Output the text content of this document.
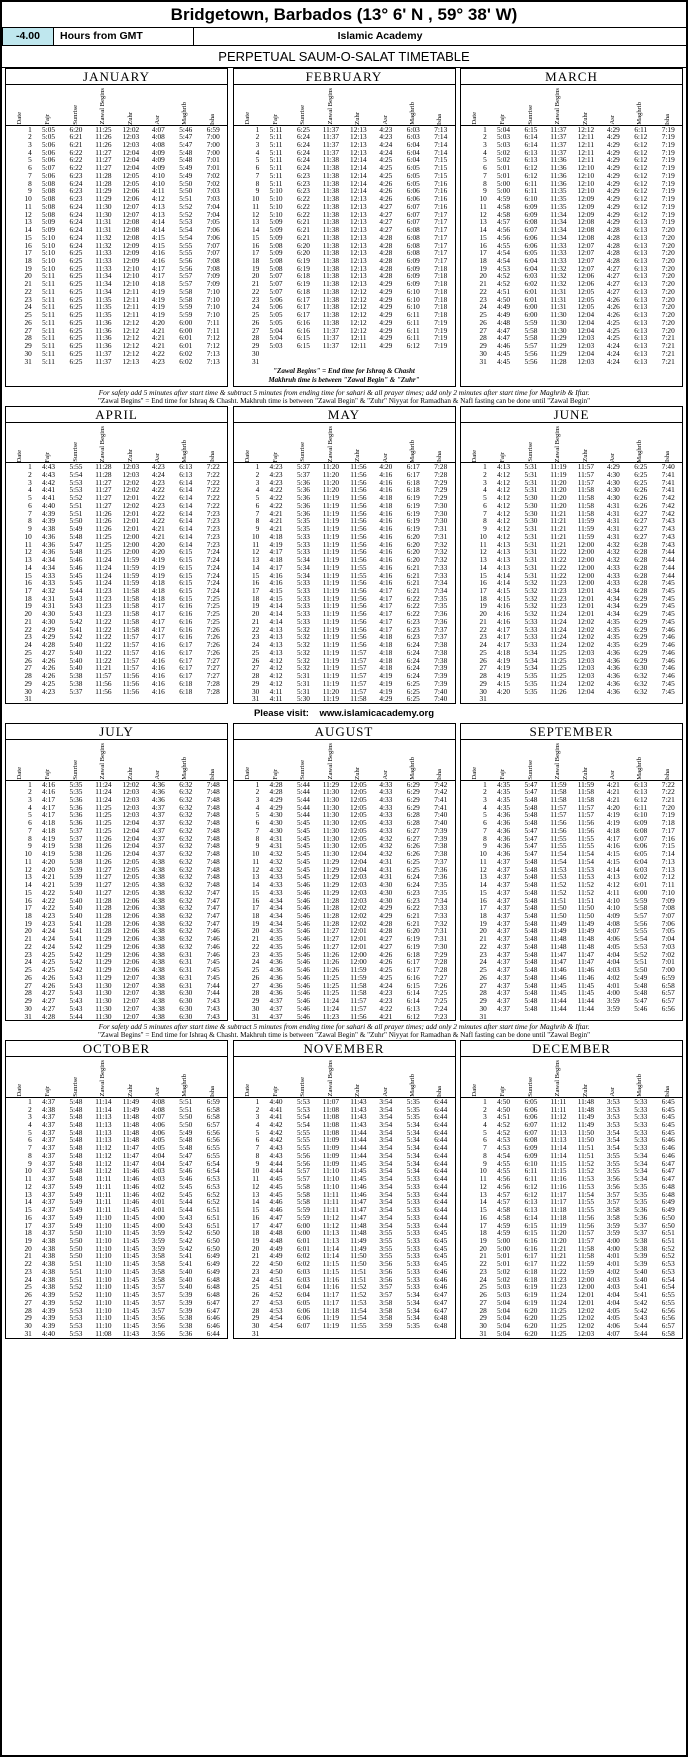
Bridgetown, Barbados (13° 6' N , 59° 38' W)
-4.00	Hours from GMT	Islamic Academy
PERPETUAL SAUM-O-SALAT TIMETABLE
JANUARY
Date	Fajr	Sunrise	Zawal Begins	Zuhr	Asr	Maghrib	Isha

1	5:05	6:20	11:25	12:02	4:07	5:46	6:59
2	5:05	6:21	11:26	12:03	4:08	5:47	7:00
3	5:06	6:21	11:26	12:03	4:08	5:47	7:00
4	5:06	6:22	11:27	12:04	4:09	5:48	7:00
5	5:06	6:22	11:27	12:04	4:09	5:48	7:01
6	5:07	6:22	11:27	12:04	4:09	5:49	7:01
7	5:06	6:23	11:28	12:05	4:10	5:49	7:02
8	5:08	6:24	11:28	12:05	4:10	5:50	7:02
9	5:08	6:23	11:29	12:06	4:11	5:50	7:03
10	5:08	6:23	11:29	12:06	4:12	5:51	7:03
11	5:08	6:24	11:30	12:07	4:13	5:52	7:04
12	5:08	6:24	11:30	12:07	4:13	5:52	7:04
13	5:09	6:24	11:31	12:08	4:14	5:53	7:05
14	5:09	6:24	11:31	12:08	4:14	5:54	7:06
15	5:10	6:24	11:32	12:08	4:15	5:54	7:06
16	5:10	6:24	11:32	12:09	4:15	5:55	7:07
17	5:10	6:25	11:33	12:09	4:16	5:55	7:07
18	5:10	6:25	11:33	12:09	4:16	5:56	7:08
19	5:10	6:25	11:33	12:10	4:17	5:56	7:08
20	5:11	6:25	11:34	12:10	4:17	5:57	7:09
21	5:11	6:25	11:34	12:10	4:18	5:57	7:09
22	5:11	6:25	11:34	12:11	4:19	5:58	7:10
23	5:11	6:25	11:35	12:11	4:19	5:58	7:10
24	5:11	6:25	11:35	12:11	4:19	5:59	7:10
25	5:11	6:25	11:35	12:11	4:19	5:59	7:10
26	5:11	6:25	11:36	12:12	4:20	6:00	7:11
27	5:11	6:25	11:36	12:12	4:21	6:00	7:11
28	5:11	6:25	11:36	12:12	4:21	6:01	7:12
29	5:11	6:25	11:36	12:12	4:21	6:01	7:12
30	5:11	6:25	11:37	12:12	4:22	6:02	7:13
31	5:11	6:25	11:37	12:13	4:23	6:02	7:13
FEBRUARY
Date	Fajr	Sunrise	Zawal Begins	Zuhr	Asr	Maghrib	Isha

1	5:11	6:25	11:37	12:13	4:23	6:03	7:13
2	5:11	6:24	11:37	12:13	4:23	6:03	7:14
3	5:11	6:24	11:37	12:13	4:24	6:04	7:14
4	5:11	6:24	11:37	12:13	4:24	6:04	7:14
5	5:11	6:24	11:38	12:14	4:25	6:04	7:15
6	5:11	6:24	11:38	12:14	4:25	6:05	7:15
7	5:11	6:23	11:38	12:14	4:25	6:05	7:15
8	5:11	6:23	11:38	12:14	4:26	6:05	7:16
9	5:10	6:23	11:38	12:14	4:26	6:06	7:16
10	5:10	6:22	11:38	12:13	4:26	6:06	7:16
11	5:10	6:22	11:38	12:13	4:27	6:07	7:16
12	5:10	6:22	11:38	12:13	4:27	6:07	7:17
13	5:09	6:21	11:38	12:13	4:27	6:07	7:17
14	5:09	6:21	11:38	12:13	4:27	6:08	7:17
15	5:09	6:21	11:38	12:13	4:28	6:08	7:17
16	5:08	6:20	11:38	12:13	4:28	6:08	7:17
17	5:09	6:20	11:38	12:13	4:28	6:08	7:17
18	5:08	6:19	11:38	12:13	4:28	6:09	7:17
19	5:08	6:19	11:38	12:13	4:28	6:09	7:18
20	5:07	6:18	11:38	12:13	4:28	6:09	7:18
21	5:07	6:19	11:38	12:13	4:29	6:09	7:18
22	5:07	6:18	11:38	12:12	4:29	6:10	7:18
23	5:06	6:17	11:38	12:12	4:29	6:10	7:18
24	5:06	6:17	11:38	12:12	4:29	6:10	7:18
25	5:05	6:17	11:38	12:12	4:29	6:11	7:18
26	5:05	6:16	11:38	12:12	4:29	6:11	7:19
27	5:04	6:16	11:37	12:12	4:29	6:11	7:19
28	5:04	6:15	11:37	12:11	4:29	6:11	7:19
29	5:03	6:15	11:37	12:11	4:29	6:12	7:19
30							
31							
"Zawal Begins" = End time for Ishraq & Chasht
Makhruh time is between "Zawal Begin" & "Zuhr"
MARCH
Date	Fajr	Sunrise	Zawal Begins	Zuhr	Asr	Maghrib	Isha

1	5:04	6:15	11:37	12:12	4:29	6:11	7:19
2	5:03	6:14	11:37	12:11	4:29	6:12	7:19
3	5:03	6:14	11:37	12:11	4:29	6:12	7:19
4	5:02	6:13	11:37	12:11	4:29	6:12	7:19
5	5:02	6:13	11:36	12:11	4:29	6:12	7:19
6	5:01	6:12	11:36	12:10	4:29	6:12	7:19
7	5:01	6:12	11:36	12:10	4:29	6:12	7:19
8	5:00	6:11	11:36	12:10	4:29	6:12	7:19
9	5:00	6:11	11:35	12:10	4:29	6:12	7:19
10	4:59	6:10	11:35	12:09	4:29	6:12	7:19
11	4:58	6:09	11:35	12:09	4:29	6:12	7:19
12	4:58	6:09	11:34	12:09	4:29	6:12	7:19
13	4:57	6:08	11:34	12:08	4:29	6:13	7:19
14	4:56	6:07	11:34	12:08	4:28	6:13	7:20
15	4:56	6:06	11:34	12:08	4:28	6:13	7:20
16	4:55	6:06	11:33	12:07	4:28	6:13	7:20
17	4:54	6:05	11:33	12:07	4:28	6:13	7:20
18	4:54	6:04	11:33	12:07	4:28	6:13	7:20
19	4:53	6:04	11:32	12:07	4:27	6:13	7:20
20	4:52	6:03	11:32	12:06	4:27	6:13	7:20
21	4:52	6:02	11:32	12:06	4:27	6:13	7:20
22	4:51	6:01	11:31	12:05	4:27	6:13	7:20
23	4:50	6:01	11:31	12:05	4:26	6:13	7:20
24	4:49	6:00	11:31	12:05	4:26	6:13	7:20
25	4:49	6:00	11:30	12:04	4:26	6:13	7:20
26	4:48	5:59	11:30	12:04	4:25	6:13	7:20
27	4:47	5:58	11:30	12:04	4:25	6:13	7:20
28	4:47	5:58	11:29	12:03	4:25	6:13	7:21
29	4:46	5:57	11:29	12:03	4:24	6:13	7:21
30	4:45	5:56	11:29	12:04	4:24	6:13	7:21
31	4:45	5:56	11:28	12:03	4:24	6:13	7:21
For safety add 5 minutes after start time & subtract 5 minutes from ending time for sahari & all prayer times; add only 2 minutes after start time for Maghrib & Iftar.
"Zawal Begins" = End time for Ishraq & Chasht. Makhruh time is between "Zawal Begin" & "Zuhr" Niyyat for Ramadhan & Nafl fasting can be done until "Zawal Begin"
APRIL
Date	Fajr	Sunrise	Zawal Begins	Zuhr	Asr	Maghrib	Isha

1	4:43	5:55	11:28	12:03	4:23	6:13	7:22
2	4:43	5:54	11:28	12:03	4:24	6:13	7:22
3	4:42	5:53	11:27	12:02	4:23	6:14	7:22
4	4:41	5:53	11:27	12:02	4:22	6:14	7:22
5	4:41	5:52	11:27	12:01	4:22	6:14	7:22
6	4:40	5:51	11:27	12:02	4:23	6:14	7:22
7	4:39	5:51	11:26	12:01	4:22	6:14	7:23
8	4:39	5:50	11:26	12:01	4:22	6:14	7:23
9	4:38	5:49	11:26	12:01	4:21	6:14	7:23
10	4:36	5:48	11:25	12:00	4:21	6:14	7:23
11	4:36	5:47	11:25	12:00	4:20	6:14	7:23
12	4:36	5:48	11:25	12:00	4:20	6:15	7:24
13	4:34	5:46	11:24	11:59	4:19	6:15	7:24
14	4:34	5:46	11:24	11:59	4:19	6:15	7:24
15	4:33	5:45	11:24	11:59	4:19	6:15	7:24
16	4:33	5:45	11:24	11:59	4:18	6:15	7:24
17	4:32	5:44	11:23	11:58	4:18	6:15	7:24
18	4:31	5:43	11:23	11:58	4:18	6:15	7:25
19	4:31	5:43	11:23	11:58	4:17	6:16	7:25
20	4:30	5:43	11:23	11:58	4:17	6:16	7:25
21	4:30	5:42	11:22	11:58	4:17	6:16	7:25
22	4:29	5:41	11:22	11:58	4:17	6:16	7:26
23	4:29	5:42	11:22	11:57	4:17	6:16	7:26
24	4:28	5:40	11:22	11:57	4:16	6:17	7:26
25	4:27	5:40	11:22	11:57	4:16	6:17	7:26
26	4:26	5:40	11:22	11:57	4:16	6:17	7:27
27	4:26	5:40	11:21	11:57	4:16	6:17	7:27
28	4:26	5:38	11:57	11:56	4:16	6:17	7:27
29	4:25	5:38	11:56	11:56	4:16	6:18	7:28
30	4:23	5:37	11:56	11:56	4:16	6:18	7:28
31							
MAY
Date	Fajr	Sunrise	Zawal Begins	Zuhr	Asr	Maghrib	Isha

1	4:23	5:37	11:20	11:56	4:20	6:17	7:28
2	4:23	5:37	11:20	11:56	4:16	6:17	7:28
3	4:23	5:36	11:20	11:56	4:16	6:18	7:29
4	4:22	5:36	11:20	11:56	4:16	6:18	7:29
5	4:22	5:36	11:19	11:56	4:18	6:19	7:29
6	4:22	5:36	11:19	11:56	4:18	6:19	7:30
7	4:21	5:36	11:19	11:56	4:16	6:19	7:30
8	4:21	5:35	11:19	11:56	4:16	6:19	7:30
9	4:21	5:35	11:19	11:56	4:16	6:19	7:31
10	4:18	5:33	11:19	11:56	4:16	6:20	7:31
11	4:19	5:33	11:19	11:56	4:16	6:20	7:32
12	4:17	5:33	11:19	11:56	4:16	6:20	7:32
13	4:18	5:34	11:19	11:56	4:16	6:20	7:32
14	4:17	5:34	11:19	11:55	4:16	6:21	7:33
15	4:16	5:34	11:19	11:55	4:16	6:21	7:33
16	4:16	5:33	11:19	11:56	4:16	6:21	7:34
17	4:15	5:33	11:19	11:56	4:17	6:21	7:34
18	4:15	5:33	11:19	11:56	4:17	6:22	7:35
19	4:14	5:33	11:19	11:56	4:17	6:22	7:35
20	4:14	5:33	11:19	11:56	4:17	6:22	7:36
21	4:14	5:33	11:19	11:56	4:17	6:23	7:36
22	4:13	5:32	11:19	11:56	4:17	6:23	7:37
23	4:13	5:32	11:19	11:56	4:18	6:23	7:37
24	4:13	5:32	11:19	11:56	4:18	6:24	7:38
25	4:13	5:32	11:19	11:57	4:18	6:24	7:38
26	4:12	5:32	11:19	11:57	4:18	6:24	7:38
27	4:12	5:32	11:19	11:57	4:18	6:24	7:39
28	4:12	5:31	11:19	11:57	4:19	6:24	7:39
29	4:12	5:31	11:19	11:57	4:19	6:25	7:39
30	4:11	5:31	11:20	11:57	4:19	6:25	7:40
31	4:11	5:30	11:19	11:58	4:29	6:25	7:40
JUNE
Date	Fajr	Sunrise	Zawal Begins	Zuhr	Asr	Maghrib	Isha

1	4:13	5:31	11:19	11:57	4:29	6:25	7:40
2	4:12	5:31	11:19	11:57	4:30	6:25	7:41
3	4:12	5:31	11:20	11:57	4:30	6:25	7:41
4	4:12	5:31	11:20	11:58	4:30	6:26	7:41
5	4:12	5:30	11:20	11:58	4:30	6:26	7:42
6	4:12	5:30	11:20	11:58	4:31	6:26	7:42
7	4:12	5:30	11:21	11:58	4:31	6:27	7:42
8	4:12	5:30	11:21	11:59	4:31	6:27	7:43
9	4:12	5:31	11:21	11:59	4:31	6:27	7:43
10	4:12	5:31	11:21	11:59	4:31	6:27	7:43
11	4:13	5:31	11:21	12:00	4:32	6:28	7:43
12	4:13	5:31	11:22	12:00	4:32	6:28	7:44
13	4:13	5:31	11:22	12:00	4:32	6:28	7:44
14	4:13	5:31	11:22	12:00	4:33	6:28	7:44
15	4:14	5:31	11:22	12:00	4:33	6:28	7:44
16	4:14	5:32	11:23	12:00	4:33	6:28	7:45
17	4:15	5:32	11:23	12:01	4:34	6:28	7:45
18	4:15	5:32	11:23	12:01	4:34	6:29	7:45
19	4:16	5:32	11:23	12:01	4:34	6:29	7:45
20	4:16	5:32	11:24	12:01	4:34	6:29	7:45
21	4:16	5:33	11:24	12:02	4:35	6:29	7:45
22	4:17	5:33	11:24	12:02	4:35	6:29	7:46
23	4:17	5:33	11:24	12:02	4:35	6:29	7:46
24	4:17	5:33	11:24	12:02	4:35	6:29	7:46
25	4:18	5:34	11:25	12:03	4:36	6:29	7:46
26	4:19	5:34	11:25	12:03	4:36	6:29	7:46
27	4:19	5:34	11:25	12:03	4:36	6:30	7:46
28	4:19	5:35	11:25	12:03	4:36	6:32	7:46
29	4:15	5:35	11:24	12:02	4:36	6:32	7:45
30	4:20	5:35	11:26	12:04	4:36	6:32	7:45
31							
Please visit: www.islamicacademy.org
JULY
Date	Fajr	Sunrise	Zawal Begins	Zuhr	Asr	Maghrib	Isha

1	4:16	5:35	11:24	12:02	4:36	6:32	7:48
2	4:16	5:35	11:24	12:03	4:36	6:32	7:48
3	4:17	5:36	11:24	12:03	4:36	6:32	7:48
4	4:17	5:36	11:25	12:03	4:37	6:32	7:48
5	4:17	5:36	11:25	12:03	4:37	6:32	7:48
6	4:18	5:36	11:25	12:04	4:37	6:32	7:48
7	4:18	5:37	11:25	12:04	4:37	6:32	7:48
8	4:19	5:37	11:26	12:04	4:37	6:32	7:48
9	4:19	5:38	11:26	12:04	4:37	6:32	7:48
10	4:19	5:38	11:26	12:04	4:37	6:32	7:48
11	4:20	5:38	11:26	12:05	4:38	6:32	7:48
12	4:20	5:39	11:27	12:05	4:38	6:32	7:48
13	4:21	5:39	11:27	12:05	4:38	6:32	7:48
14	4:21	5:39	11:27	12:05	4:38	6:32	7:48
15	4:22	5:40	11:27	12:05	4:38	6:32	7:47
16	4:22	5:40	11:28	12:06	4:38	6:32	7:47
17	4:22	5:40	11:28	12:06	4:38	6:32	7:47
18	4:23	5:40	11:28	12:06	4:38	6:32	7:47
19	4:23	5:41	11:28	12:06	4:38	6:32	7:47
20	4:24	5:41	11:28	12:06	4:38	6:32	7:46
21	4:24	5:41	11:29	12:06	4:38	6:32	7:46
22	4:24	5:42	11:29	12:06	4:38	6:32	7:46
23	4:25	5:42	11:29	12:06	4:38	6:31	7:46
24	4:25	5:42	11:29	12:06	4:38	6:31	7:45
25	4:25	5:42	11:29	12:06	4:38	6:31	7:45
26	4:26	5:43	11:29	12:07	4:38	6:31	7:45
27	4:26	5:43	11:30	12:07	4:38	6:31	7:44
28	4:27	5:43	11:30	12:07	4:38	6:30	7:44
29	4:27	5:43	11:30	12:07	4:38	6:30	7:43
30	4:27	5:43	11:30	12:07	4:38	6:30	7:43
31	4:28	5:44	11:30	12:07	4:38	6:30	7:43
AUGUST
Date	Fajr	Sunrise	Zawal Begins	Zuhr	Asr	Maghrib	Isha

1	4:28	5:44	11:29	12:05	4:33	6:29	7:42
2	4:28	5:44	11:30	12:05	4:33	6:29	7:42
3	4:29	5:44	11:30	12:05	4:33	6:29	7:41
4	4:29	5:44	11:30	12:05	4:33	6:29	7:41
5	4:30	5:44	11:30	12:05	4:33	6:28	7:40
6	4:30	5:45	11:30	12:05	4:33	6:28	7:40
7	4:30	5:45	11:30	12:05	4:33	6:27	7:39
8	4:31	5:45	11:30	12:05	4:32	6:27	7:39
9	4:31	5:45	11:30	12:05	4:32	6:26	7:38
10	4:32	5:45	11:30	12:04	4:32	6:26	7:38
11	4:32	5:45	11:29	12:04	4:31	6:25	7:37
12	4:32	5:45	11:29	12:04	4:31	6:25	7:36
13	4:33	5:45	11:29	12:03	4:31	6:24	7:36
14	4:33	5:46	11:29	12:03	4:30	6:24	7:35
15	4:33	5:46	11:29	12:03	4:30	6:23	7:35
16	4:34	5:46	11:28	12:03	4:30	6:23	7:34
17	4:34	5:46	11:28	12:02	4:29	6:22	7:33
18	4:34	5:46	11:28	12:02	4:29	6:21	7:33
19	4:34	5:46	11:28	12:02	4:28	6:21	7:32
20	4:35	5:46	11:27	12:01	4:28	6:20	7:31
21	4:35	5:46	11:27	12:01	4:27	6:19	7:31
22	4:35	5:46	11:27	12:01	4:27	6:19	7:30
23	4:35	5:46	11:26	12:00	4:26	6:18	7:29
24	4:36	5:46	11:26	12:00	4:26	6:17	7:28
25	4:36	5:46	11:26	11:59	4:25	6:17	7:28
26	4:36	5:46	11:25	11:59	4:25	6:16	7:27
27	4:36	5:46	11:25	11:58	4:24	6:15	7:26
28	4:36	5:46	11:25	11:58	4:23	6:14	7:25
29	4:37	5:46	11:24	11:57	4:23	6:14	7:25
30	4:37	5:46	11:24	11:57	4:22	6:13	7:24
31	4:37	5:46	11:23	11:56	4:21	6:12	7:23
SEPTEMBER
Date	Fajr	Sunrise	Zawal Begins	Zuhr	Asr	Maghrib	Isha

1	4:35	5:47	11:59	11:59	4:21	6:13	7:22
2	4:35	5:47	11:58	11:58	4:21	6:13	7:22
3	4:35	5:48	11:58	11:58	4:21	6:12	7:21
4	4:35	5:48	11:57	11:57	4:20	6:11	7:20
5	4:36	5:48	11:57	11:57	4:19	6:10	7:19
6	4:36	5:48	11:56	11:56	4:19	6:09	7:18
7	4:36	5:47	11:56	11:56	4:18	6:08	7:17
8	4:36	5:47	11:55	11:55	4:17	6:07	7:16
9	4:36	5:47	11:55	11:55	4:16	6:06	7:15
10	4:36	5:47	11:54	11:54	4:15	6:05	7:14
11	4:37	5:48	11:54	11:54	4:15	6:04	7:13
12	4:37	5:48	11:53	11:53	4:14	6:03	7:13
13	4:37	5:48	11:53	11:53	4:13	6:02	7:12
14	4:37	5:48	11:52	11:52	4:12	6:01	7:11
15	4:37	5:48	11:52	11:52	4:11	6:00	7:10
16	4:37	5:48	11:51	11:51	4:10	5:59	7:09
17	4:37	5:48	11:50	11:50	4:10	5:58	7:08
18	4:37	5:48	11:50	11:50	4:09	5:57	7:07
19	4:37	5:48	11:49	11:49	4:08	5:56	7:06
20	4:37	5:48	11:49	11:49	4:07	5:55	7:05
21	4:37	5:48	11:48	11:48	4:06	5:54	7:04
22	4:37	5:48	11:48	11:48	4:05	5:53	7:03
23	4:37	5:48	11:47	11:47	4:04	5:52	7:02
24	4:37	5:48	11:47	11:47	4:04	5:51	7:01
25	4:37	5:48	11:46	11:46	4:03	5:50	7:00
26	4:37	5:48	11:46	11:46	4:02	5:49	6:59
27	4:37	5:48	11:45	11:45	4:01	5:48	6:58
28	4:37	5:48	11:45	11:45	4:00	5:48	6:57
29	4:37	5:48	11:44	11:44	3:59	5:47	6:57
30	4:37	5:48	11:44	11:44	3:59	5:46	6:56
31							
For safety add 5 minutes after start time & subtract 5 minutes from ending time for sahari & all prayer times; add only 2 minutes after start time for Maghrib & Iftar.
"Zawal Begins" = End time for Ishraq & Chasht. Makhruh time is between "Zawal Begin" & "Zuhr" Niyyat for Ramadhan & Nafl fasting can be done until "Zawal Begin"
OCTOBER
Date	Fajr	Sunrise	Zawal Begins	Zuhr	Asr	Maghrib	Isha

1	4:37	5:48	11:14	11:49	4:08	5:51	6:59
2	4:38	5:48	11:14	11:49	4:08	5:51	6:58
3	4:37	5:48	11:13	11:48	4:07	5:50	6:58
4	4:37	5:48	11:13	11:48	4:06	5:50	6:57
5	4:37	5:48	11:13	11:48	4:06	5:49	6:56
6	4:37	5:48	11:13	11:48	4:05	5:48	6:56
7	4:37	5:48	11:12	11:47	4:05	5:48	6:55
8	4:37	5:48	11:12	11:47	4:04	5:47	6:55
9	4:37	5:48	11:12	11:47	4:04	5:47	6:54
10	4:37	5:48	11:12	11:46	4:03	5:46	6:54
11	4:37	5:48	11:11	11:46	4:03	5:46	6:53
12	4:37	5:49	11:11	11:46	4:02	5:45	6:53
13	4:37	5:49	11:11	11:46	4:02	5:45	6:52
14	4:37	5:49	11:11	11:46	4:01	5:44	6:52
15	4:37	5:49	11:11	11:45	4:01	5:44	6:51
16	4:37	5:49	11:10	11:45	4:00	5:43	6:51
17	4:37	5:49	11:10	11:45	4:00	5:43	6:51
18	4:37	5:50	11:10	11:45	3:59	5:42	6:50
19	4:38	5:50	11:10	11:45	3:59	5:42	6:50
20	4:38	5:50	11:10	11:45	3:59	5:42	6:50
21	4:38	5:50	11:10	11:45	3:58	5:41	6:49
22	4:38	5:51	11:10	11:45	3:58	5:41	6:49
23	4:38	5:51	11:10	11:45	3:58	5:40	6:49
24	4:38	5:51	11:10	11:45	3:58	5:40	6:48
25	4:38	5:52	11:10	11:45	3:57	5:40	6:48
26	4:39	5:52	11:10	11:45	3:57	5:39	6:48
27	4:39	5:52	11:10	11:45	3:57	5:39	6:47
28	4:39	5:53	11:10	11:45	3:57	5:39	6:47
29	4:39	5:53	11:10	11:45	3:56	5:38	6:46
30	4:39	5:53	11:10	11:45	3:56	5:38	6:46
31	4:40	5:53	11:08	11:43	3:56	5:36	6:44
NOVEMBER
Date	Fajr	Sunrise	Zawal Begins	Zuhr	Asr	Maghrib	Isha

1	4:40	5:53	11:07	11:43	3:54	5:35	6:44
2	4:41	5:53	11:08	11:43	3:54	5:35	6:44
3	4:41	5:54	11:08	11:43	3:54	5:35	6:44
4	4:42	5:54	11:08	11:43	3:54	5:34	6:44
5	4:42	5:55	11:08	11:44	3:54	5:34	6:44
6	4:42	5:55	11:09	11:44	3:54	5:34	6:44
7	4:43	5:55	11:09	11:44	3:54	5:34	6:44
8	4:43	5:56	11:09	11:44	3:54	5:34	6:44
9	4:44	5:56	11:09	11:45	3:54	5:34	6:44
10	4:44	5:57	11:10	11:45	3:54	5:34	6:44
11	4:45	5:57	11:10	11:45	3:54	5:33	6:44
12	4:45	5:58	11:10	11:46	3:54	5:33	6:44
13	4:45	5:58	11:11	11:46	3:54	5:33	6:44
14	4:46	5:58	11:11	11:47	3:54	5:33	6:44
15	4:46	5:59	11:11	11:47	3:54	5:33	6:44
16	4:47	5:59	11:12	11:47	3:54	5:33	6:44
17	4:47	6:00	11:12	11:48	3:54	5:33	6:44
18	4:48	6:00	11:13	11:48	3:55	5:33	6:45
19	4:48	6:01	11:13	11:49	3:55	5:33	6:45
20	4:49	6:01	11:14	11:49	3:55	5:33	6:45
21	4:49	6:02	11:14	11:50	3:55	5:33	6:45
22	4:50	6:02	11:15	11:50	3:56	5:33	6:45
23	4:50	6:03	11:15	11:51	3:56	5:33	6:46
24	4:51	6:03	11:16	11:51	3:56	5:33	6:46
25	4:51	6:04	11:16	11:52	3:57	5:33	6:46
26	4:52	6:04	11:17	11:52	3:57	5:34	6:47
27	4:53	6:05	11:17	11:53	3:58	5:34	6:47
28	4:53	6:06	11:18	11:54	3:58	5:34	6:47
29	4:54	6:06	11:19	11:54	3:58	5:34	6:48
30	4:54	6:07	11:19	11:55	3:59	5:35	6:48
31							
DECEMBER
Date	Fajr	Sunrise	Zawal Begins	Zuhr	Asr	Maghrib	Isha

1	4:50	6:05	11:11	11:48	3:53	5:33	6:45
2	4:50	6:06	11:11	11:48	3:53	5:33	6:45
3	4:51	6:06	11:12	11:49	3:53	5:33	6:45
4	4:52	6:07	11:12	11:49	3:53	5:33	6:45
5	4:52	6:07	11:13	11:50	3:54	5:33	6:45
6	4:53	6:08	11:13	11:50	3:54	5:33	6:46
7	4:53	6:09	11:14	11:51	3:54	5:33	6:46
8	4:54	6:09	11:14	11:51	3:55	5:34	6:46
9	4:55	6:10	11:15	11:52	3:55	5:34	6:47
10	4:55	6:11	11:15	11:52	3:55	5:34	6:47
11	4:56	6:11	11:16	11:53	3:56	5:34	6:47
12	4:56	6:12	11:16	11:53	3:56	5:35	6:48
13	4:57	6:12	11:17	11:54	3:57	5:35	6:48
14	4:57	6:13	11:17	11:55	3:57	5:35	6:49
15	4:58	6:13	11:18	11:55	3:58	5:36	6:49
16	4:58	6:14	11:18	11:56	3:58	5:36	6:50
17	4:59	6:15	11:19	11:56	3:59	5:37	6:50
18	4:59	6:15	11:20	11:57	3:59	5:37	6:51
19	5:00	6:16	11:20	11:57	4:00	5:38	6:51
20	5:00	6:16	11:21	11:58	4:00	5:38	6:52
21	5:01	6:17	11:21	11:58	4:01	5:39	6:52
22	5:01	6:17	11:22	11:59	4:01	5:39	6:53
23	5:02	6:18	11:22	11:59	4:02	5:40	6:53
24	5:02	6:18	11:23	12:00	4:03	5:40	6:54
25	5:03	6:19	11:23	12:00	4:03	5:41	6:54
26	5:03	6:19	11:24	12:01	4:04	5:41	6:55
27	5:04	6:19	11:24	12:01	4:04	5:42	6:55
28	5:04	6:20	11:25	12:02	4:05	5:42	6:56
29	5:04	6:20	11:25	12:02	4:05	5:43	6:56
30	5:04	6:20	11:25	12:02	4:06	5:44	6:57
31	5:04	6:20	11:25	12:03	4:07	5:44	6:58
